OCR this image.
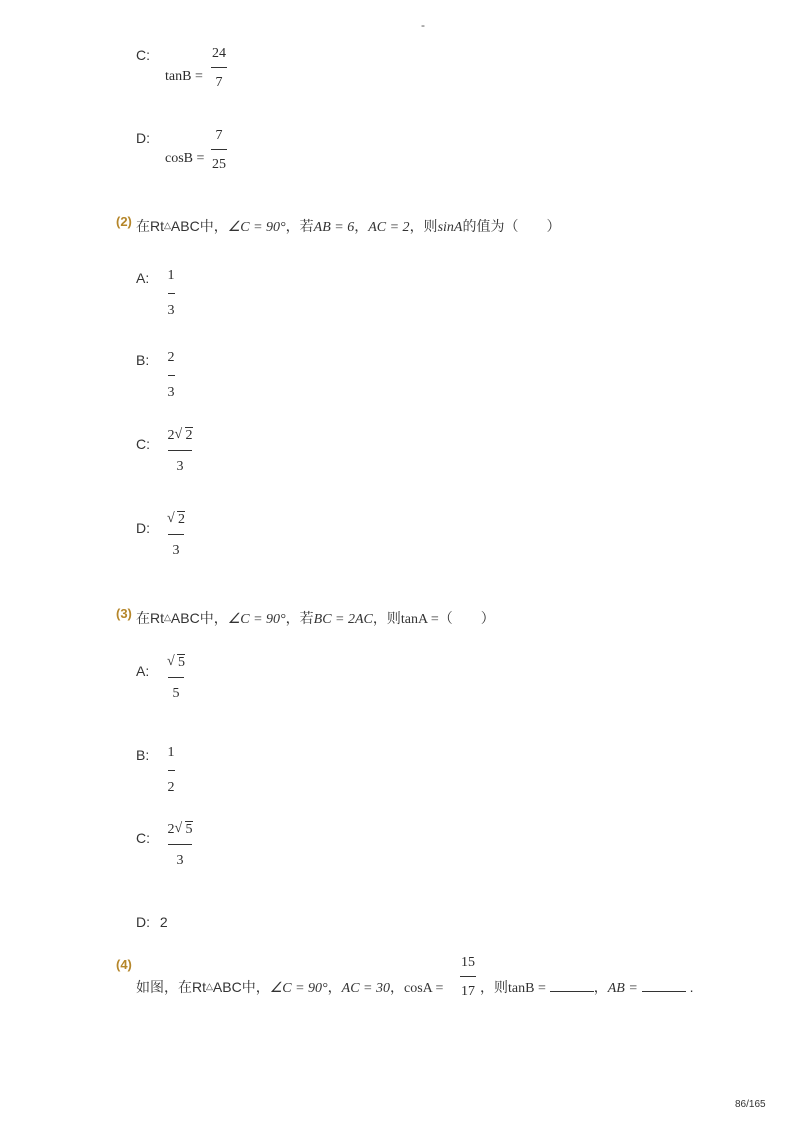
-
C:
tanB =
24
7
D:
cosB =
7
25
(2) 在Rt△ABC中，∠C = 90°，若AB = 6，AC = 2，则sinA的值为（　　）
A: 1
3
B: 2
3
C:
2 √ 2
3
D:
√ 2
3
(3) 在Rt△ABC中，∠C = 90°，若BC = 2AC，则tanA =（　　）
A:
√ 5
5
B: 1
2
C:
2 √ 5
3
D: 2
(4)
如图，在Rt△ABC中，∠C = 90°，AC = 30，cosA =
15
17 ，则tanB =	，AB =	.
86/165
